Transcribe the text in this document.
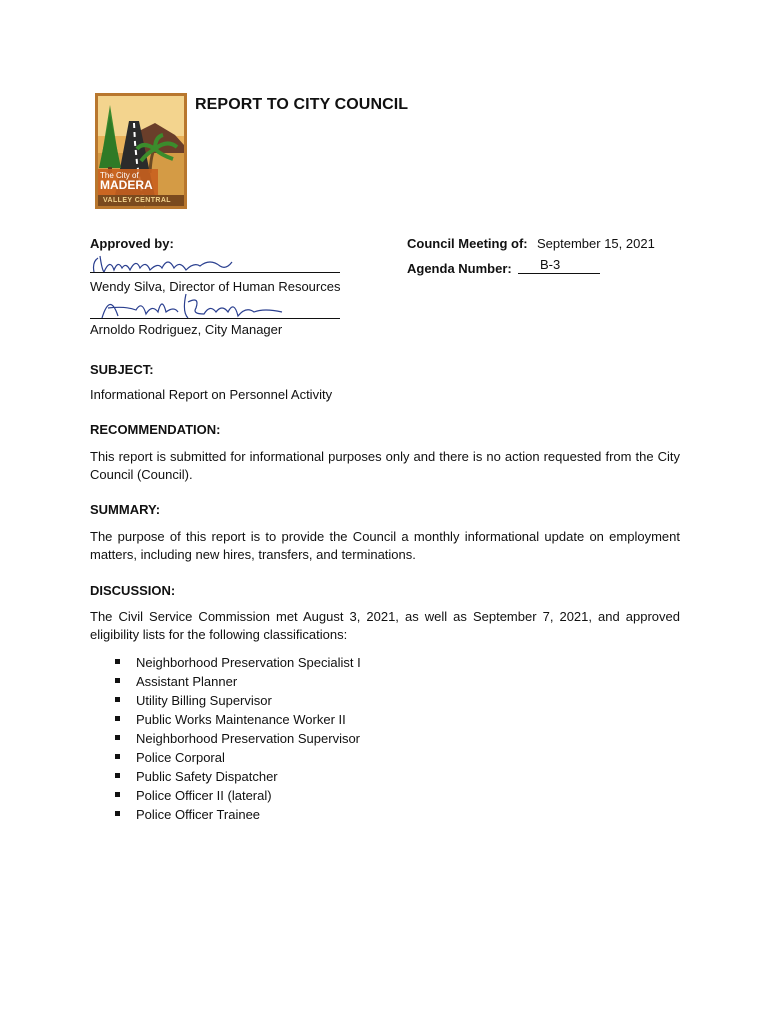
The City of
MADERA
VALLEY CENTRAL
REPORT TO CITY COUNCIL
Approved by:
Wendy Silva, Director of Human Resources
Arnoldo Rodriguez, City Manager
Council Meeting of: September 15, 2021
Agenda Number: B-3
SUBJECT:
Informational Report on Personnel Activity
RECOMMENDATION:
This report is submitted for informational purposes only and there is no action requested from the City Council (Council).
SUMMARY:
The purpose of this report is to provide the Council a monthly informational update on employment matters, including new hires, transfers, and terminations.
DISCUSSION:
The Civil Service Commission met August 3, 2021, as well as September 7, 2021, and approved eligibility lists for the following classifications:
Neighborhood Preservation Specialist I
Assistant Planner
Utility Billing Supervisor
Public Works Maintenance Worker II
Neighborhood Preservation Supervisor
Police Corporal
Public Safety Dispatcher
Police Officer II (lateral)
Police Officer Trainee
